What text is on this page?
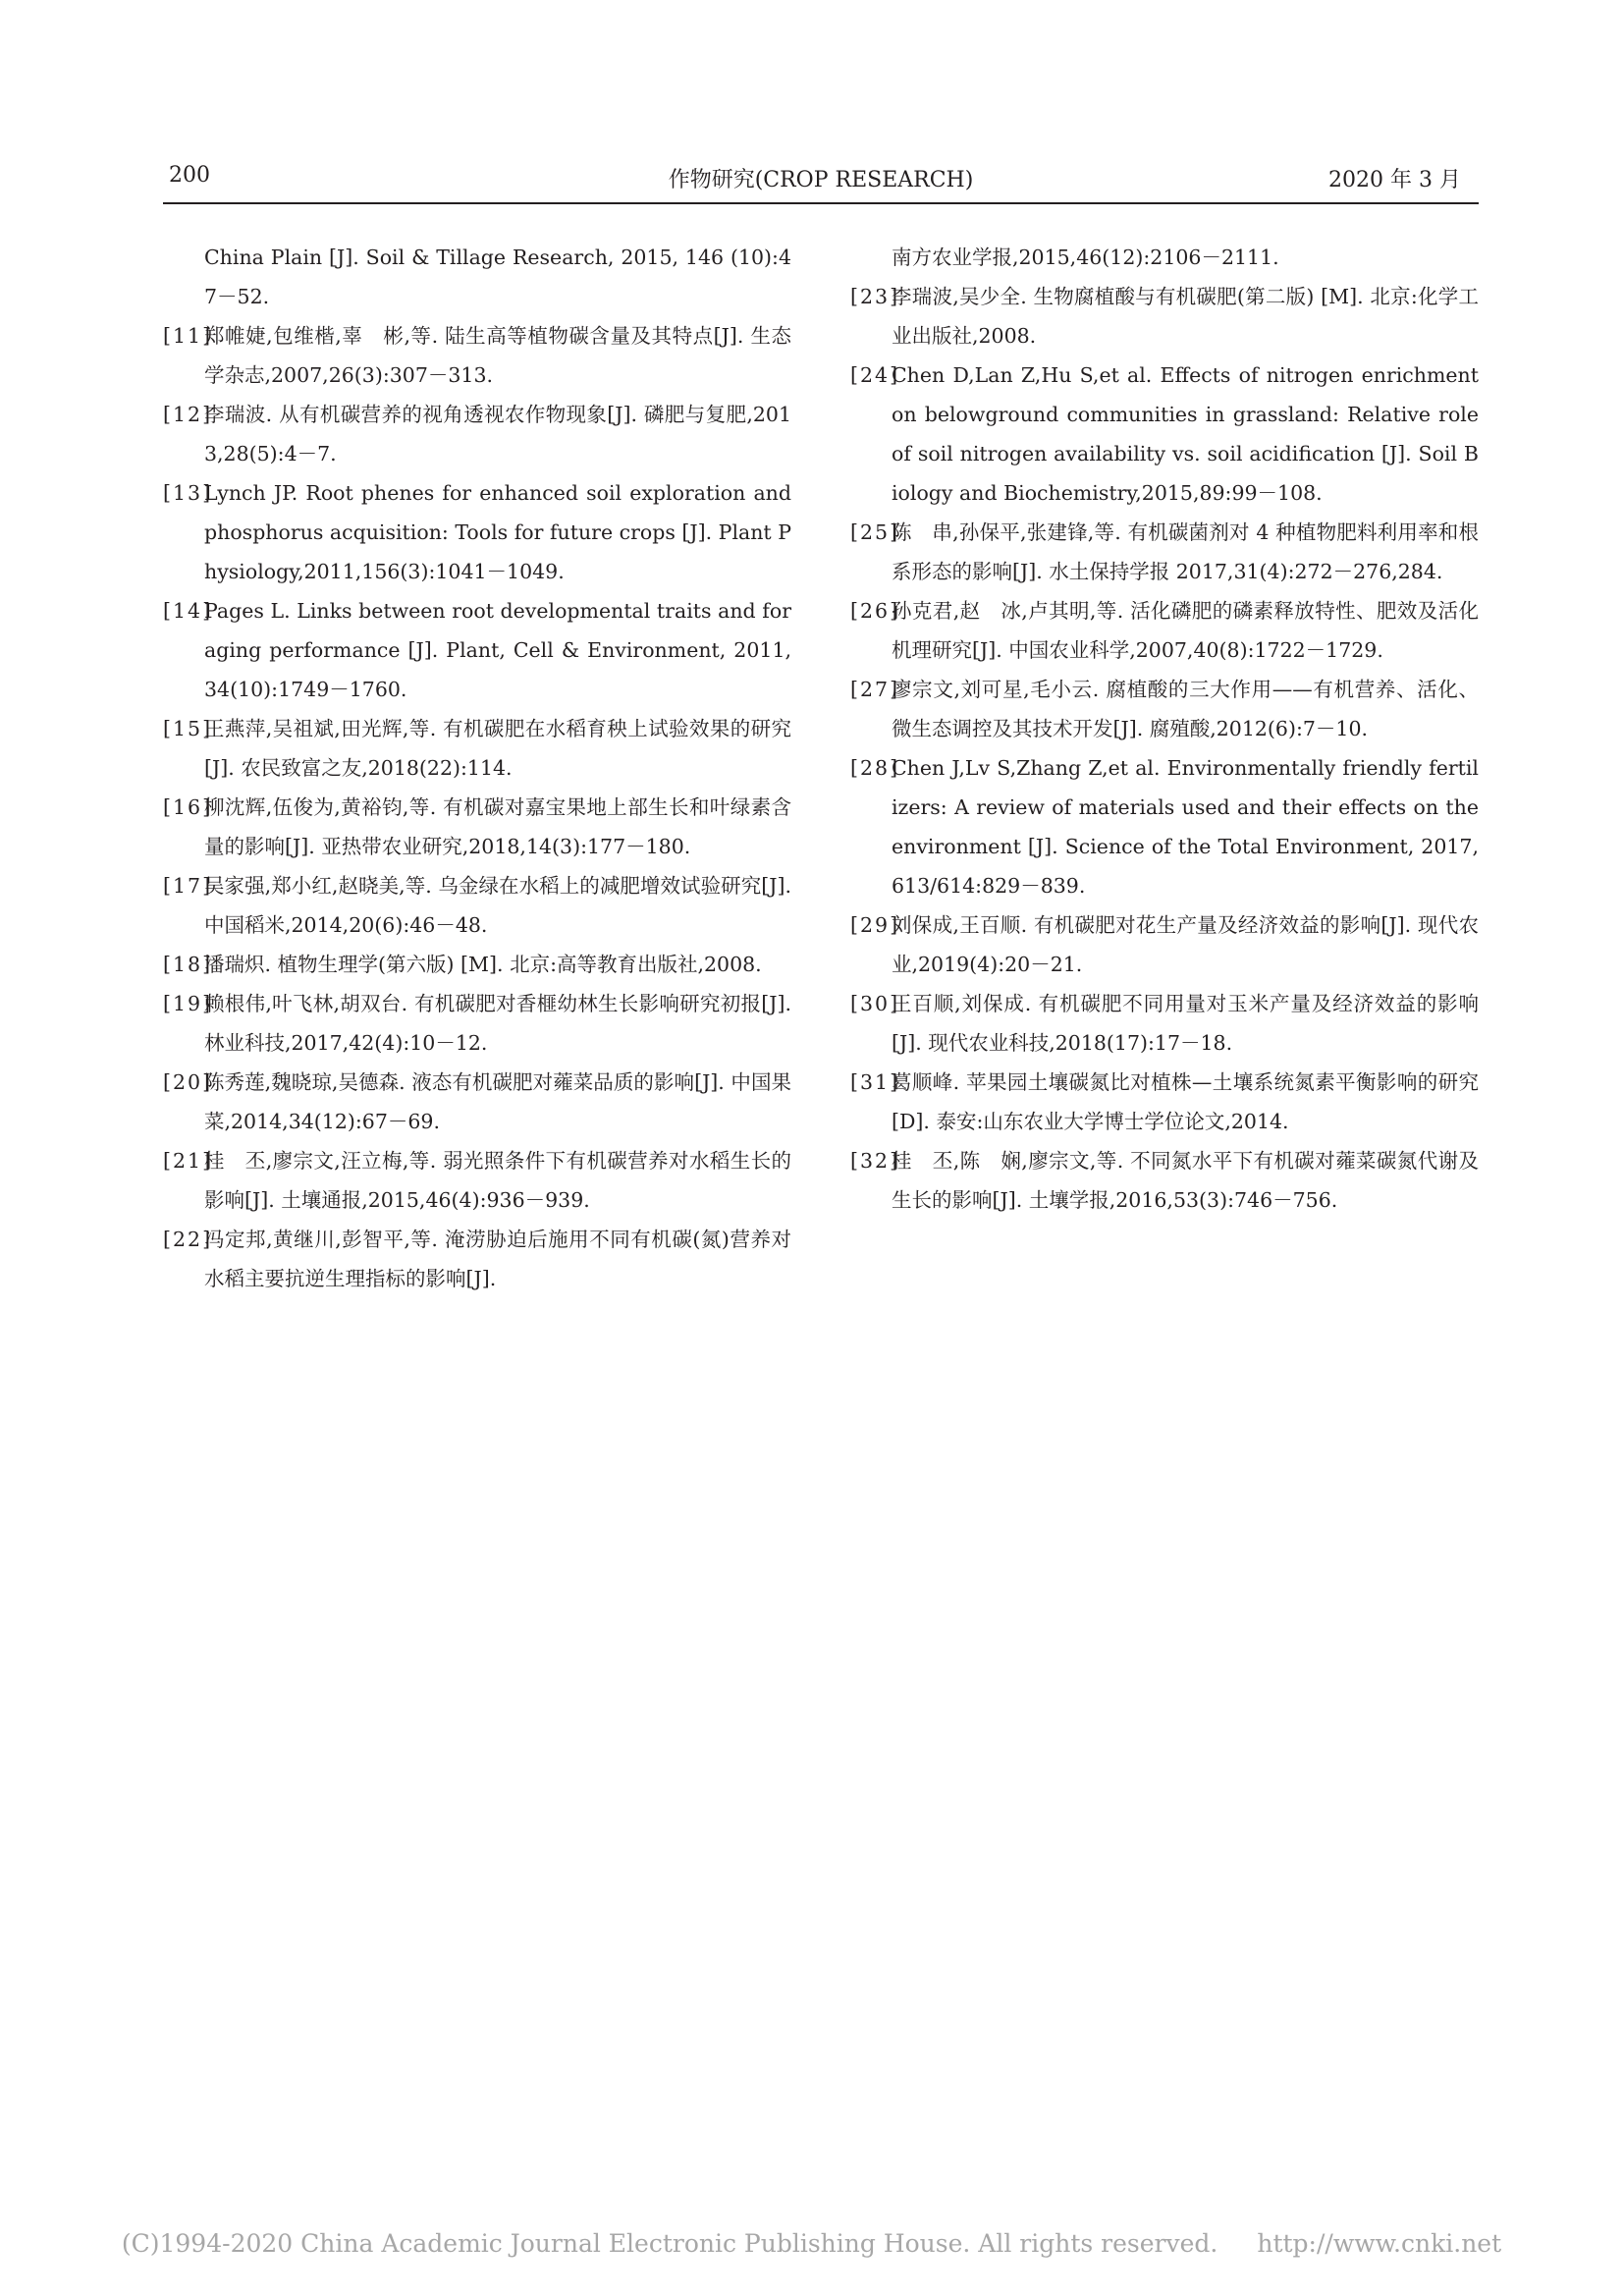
200	作物研究(CROP RESEARCH)	2020 年 3 月
China Plain [J]. Soil & Tillage Research, 2015, 146 (10):47－52.
[11]
郑帷婕,包维楷,辜　彬,等. 陆生高等植物碳含量及其特点[J]. 生态学杂志,2007,26(3):307－313.
[12]
李瑞波. 从有机碳营养的视角透视农作物现象[J]. 磷肥与复肥,2013,28(5):4－7.
[13]
Lynch JP. Root phenes for enhanced soil exploration and phosphorus acquisition: Tools for future crops [J]. Plant Physiology,2011,156(3):1041－1049.
[14]
Pages L. Links between root developmental traits and foraging performance [J]. Plant, Cell & Environment, 2011,34(10):1749－1760.
[15]
王燕萍,吴祖斌,田光辉,等. 有机碳肥在水稻育秧上试验效果的研究[J]. 农民致富之友,2018(22):114.
[16]
柳沈辉,伍俊为,黄裕钧,等. 有机碳对嘉宝果地上部生长和叶绿素含量的影响[J]. 亚热带农业研究,2018,14(3):177－180.
[17]
吴家强,郑小红,赵晓美,等. 乌金绿在水稻上的减肥增效试验研究[J]. 中国稻米,2014,20(6):46－48.
[18]
潘瑞炽. 植物生理学(第六版) [M]. 北京:高等教育出版社,2008.
[19]
赖根伟,叶飞林,胡双台. 有机碳肥对香榧幼林生长影响研究初报[J]. 林业科技,2017,42(4):10－12.
[20]
陈秀莲,魏晓琼,吴德森. 液态有机碳肥对蕹菜品质的影响[J]. 中国果菜,2014,34(12):67－69.
[21]
桂　丕,廖宗文,汪立梅,等. 弱光照条件下有机碳营养对水稻生长的影响[J]. 土壤通报,2015,46(4):936－939.
[22]
冯定邦,黄继川,彭智平,等. 淹涝胁迫后施用不同有机碳(氮)营养对水稻主要抗逆生理指标的影响[J].
南方农业学报,2015,46(12):2106－2111.
[23]
李瑞波,吴少全. 生物腐植酸与有机碳肥(第二版) [M]. 北京:化学工业出版社,2008.
[24]
Chen D,Lan Z,Hu S,et al. Effects of nitrogen enrichment on belowground communities in grassland: Relative role of soil nitrogen availability vs. soil acidification [J]. Soil Biology and Biochemistry,2015,89:99－108.
[25]
陈　串,孙保平,张建锋,等. 有机碳菌剂对 4 种植物肥料利用率和根系形态的影响[J]. 水土保持学报 2017,31(4):272－276,284.
[26]
孙克君,赵　冰,卢其明,等. 活化磷肥的磷素释放特性、肥效及活化机理研究[J]. 中国农业科学,2007,40(8):1722－1729.
[27]
廖宗文,刘可星,毛小云. 腐植酸的三大作用——有机营养、活化、微生态调控及其技术开发[J]. 腐殖酸,2012(6):7－10.
[28]
Chen J,Lv S,Zhang Z,et al. Environmentally friendly fertilizers: A review of materials used and their effects on the environment [J]. Science of the Total Environment, 2017,613/614:829－839.
[29]
刘保成,王百顺. 有机碳肥对花生产量及经济效益的影响[J]. 现代农业,2019(4):20－21.
[30]
王百顺,刘保成. 有机碳肥不同用量对玉米产量及经济效益的影响[J]. 现代农业科技,2018(17):17－18.
[31]
葛顺峰. 苹果园土壤碳氮比对植株—土壤系统氮素平衡影响的研究[D]. 泰安:山东农业大学博士学位论文,2014.
[32]
桂　丕,陈　娴,廖宗文,等. 不同氮水平下有机碳对蕹菜碳氮代谢及生长的影响[J]. 土壤学报,2016,53(3):746－756.
(C)1994-2020 China Academic Journal Electronic Publishing House. All rights reserved. http://www.cnki.net
